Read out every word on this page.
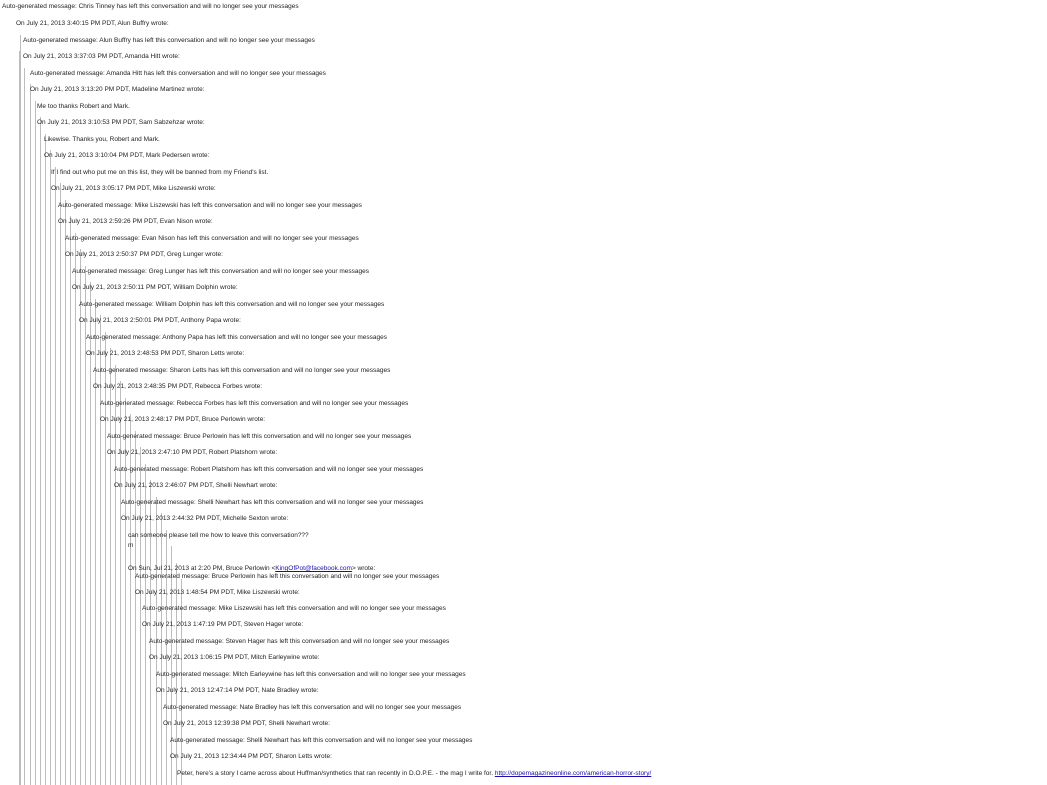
Auto-generated message: Chris Tinney has left this conversation and will no longer see your messages
On July 21, 2013 3:40:15 PM PDT, Alun Buffry wrote:
Auto-generated message: Alun Buffry has left this conversation and will no longer see your messages
On July 21, 2013 3:37:03 PM PDT, Amanda Hitt wrote:
Auto-generated message: Amanda Hitt has left this conversation and will no longer see your messages
On July 21, 2013 3:13:20 PM PDT, Madeline Martinez wrote:
Me too thanks Robert and Mark.
On July 21, 2013 3:10:53 PM PDT, Sam Sabzehzar wrote:
Likewise. Thanks you, Robert and Mark.
On July 21, 2013 3:10:04 PM PDT, Mark Pedersen wrote:
If I find out who put me on this list, they will be banned from my Friend's list.
On July 21, 2013 3:05:17 PM PDT, Mike Liszewski wrote:
Auto-generated message: Mike Liszewski has left this conversation and will no longer see your messages
On July 21, 2013 2:59:26 PM PDT, Evan Nison wrote:
Auto-generated message: Evan Nison has left this conversation and will no longer see your messages
On July 21, 2013 2:50:37 PM PDT, Greg Lunger wrote:
Auto-generated message: Greg Lunger has left this conversation and will no longer see your messages
On July 21, 2013 2:50:11 PM PDT, William Dolphin wrote:
Auto-generated message: William Dolphin has left this conversation and will no longer see your messages
On July 21, 2013 2:50:01 PM PDT, Anthony Papa wrote:
Auto-generated message: Anthony Papa has left this conversation and will no longer see your messages
On July 21, 2013 2:48:53 PM PDT, Sharon Letts wrote:
Auto-generated message: Sharon Letts has left this conversation and will no longer see your messages
On July 21, 2013 2:48:35 PM PDT, Rebecca Forbes wrote:
Auto-generated message: Rebecca Forbes has left this conversation and will no longer see your messages
On July 21, 2013 2:48:17 PM PDT, Bruce Perlowin wrote:
Auto-generated message: Bruce Perlowin has left this conversation and will no longer see your messages
On July 21, 2013 2:47:10 PM PDT, Robert Platshorn wrote:
Auto-generated message: Robert Platshorn has left this conversation and will no longer see your messages
On July 21, 2013 2:46:07 PM PDT, Shelli Newhart wrote:
Auto-generated message: Shelli Newhart has left this conversation and will no longer see your messages
On July 21, 2013 2:44:32 PM PDT, Michelle Sexton wrote:
can someone please tell me how to leave this conversation???
m
On Sun, Jul 21, 2013 at 2:20 PM, Bruce Perlowin <KingOfPot@facebook.com> wrote:
Auto-generated message: Bruce Perlowin has left this conversation and will no longer see your messages
On July 21, 2013 1:48:54 PM PDT, Mike Liszewski wrote:
Auto-generated message: Mike Liszewski has left this conversation and will no longer see your messages
On July 21, 2013 1:47:19 PM PDT, Steven Hager wrote:
Auto-generated message: Steven Hager has left this conversation and will no longer see your messages
On July 21, 2013 1:06:15 PM PDT, Mitch Earleywine wrote:
Auto-generated message: Mitch Earleywine has left this conversation and will no longer see your messages
On July 21, 2013 12:47:14 PM PDT, Nate Bradley wrote:
Auto-generated message: Nate Bradley has left this conversation and will no longer see your messages
On July 21, 2013 12:39:38 PM PDT, Shelli Newhart wrote:
Auto-generated message: Shelli Newhart has left this conversation and will no longer see your messages
On July 21, 2013 12:34:44 PM PDT, Sharon Letts wrote:
Peter, here's a story I came across about Huffman/synthetics that ran recently in D.O.P.E. - the mag I write for. http://dopemagazineonline.com/american-horror-story/
